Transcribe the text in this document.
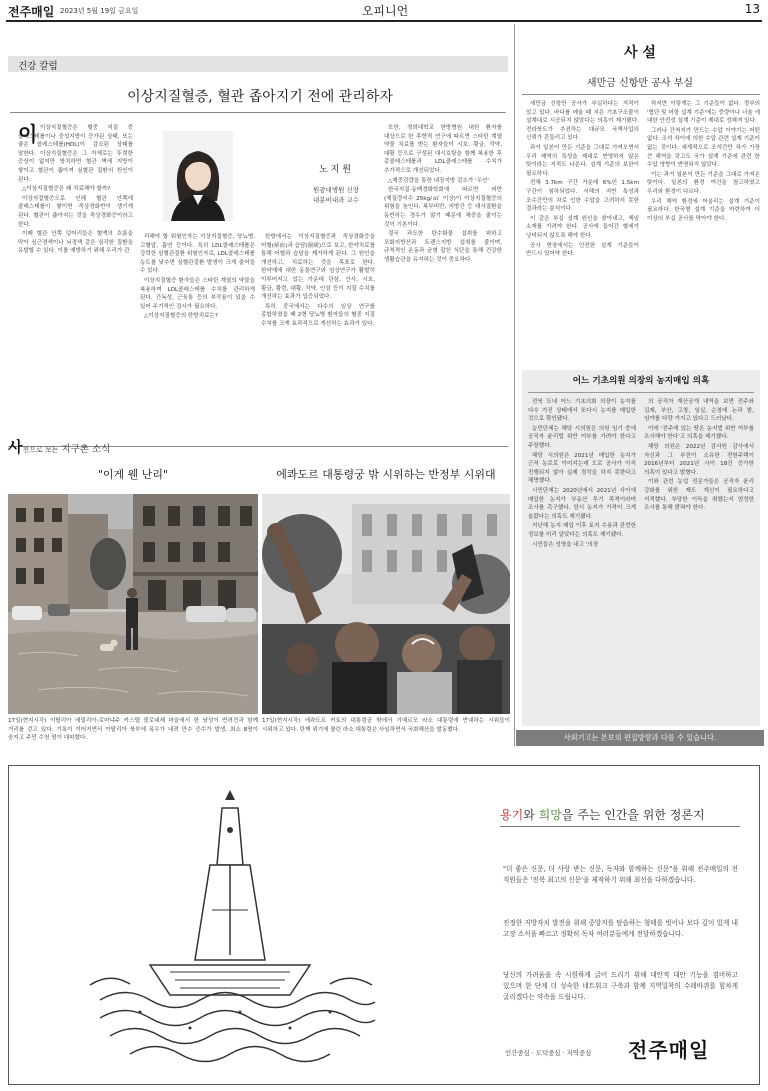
전주매일 2023년 5월 19일 금요일	오피니언	13
건강 칼럼
이상지질혈증, 혈관 좁아지기 전에 관리하자
노 지 원
원광대병원 신장
내분비내과 교수
이 이상지질혈증은 혈중 지질 중 콜레스테롤이나 중성지방이 증가된 상태, 또는 좋은 콜레스테롤(HDL)이 감소된 상태를 말한다. 이상지질혈증은 그 자체로는 뚜렷한 증상이 없지만 방치하면 혈관 벽에 지방이 쌓이고 혈관이 좁아져 심혈관 질환의 원인이 된다.

△이상지질혈증은 왜 치료해야 할까?

이상지질혈증으로 인해 혈관 안쪽에 콜레스테롤이 쌓이면 죽상경화반이 생기게 된다. 혈관이 좁아지는 것을 죽상경화증이라고 한다.

이때 혈관 안쪽 덩어리들은 혈액의 흐름을 막아 심근경색이나 뇌경색 같은 심각한 질환을 유발할 수 있다. 이를 예방하기 위해 우리가 관

리해야 할 위험인자는 이상지질혈증, 당뇨병, 고혈압, 흡연 등이다. 특히 LDL콜레스테롤은 강력한 심혈관질환 위험인자로, LDL콜레스테롤 농도를 낮추면 심혈관질환 발생이 크게 줄어들 수 있다.

이상지질혈증 환자들은 스타틴 계열의 약물을 복용하며 LDL콜레스테롤 수치를 관리하게 된다. 간독성, 근육통 등의 부작용이 있을 수 있어 주기적인 검사가 필요하다.

△이상지질혈증의 한방치료는?

한방에서는 이상지질혈증과 죽상경화증을 어혈(瘀血)과 습담(濕痰)으로 보고, 한약치료를 통해 어혈과 습담을 제거하게 된다. 그 원인을 개선하고, 치료하는 것을 목표로 한다. 한약재에 대한 동물연구와 임상연구가 활발히 이루어지고 있는 가운데 단삼, 산사, 시호, 황금, 황련, 대황, 작약, 인삼 등이 지질 수치를 개선하는 효과가 입증되었다.

특히 중국에서는 다수의 임상 연구를 종합하였을 때 2형 당뇨병 환자들의 혈중 지질 수치를 크게 효과적으로 개선하는 효과가 있다.

또한, 경희대학교 한방병원 내원 환자를 대상으로 한 후향적 연구에 따르면 스타틴 계열 약물 치료를 받는 환자들이 시호, 황금, 작약, 대황 등으로 구성된 대시호탕을 함께 복용한 후 총콜레스테롤과 LDL콜레스테롤 수치가 추가적으로 개선되었다.

△체중감량을 통한 내장지방 감소가 '우선'

한국지질·동맥경화학회에 따르면 비만(체질량지수 25kg/㎡ 이상)이 이상지질혈증의 위험을 높인다. 복부비만, 지방간 등 대사질환을 동반하는 경우가 많기 때문에 체중을 줄이는 것이 기본이다.

결국 과도한 탄수화물 섭취를 피하고 포화지방산과 트랜스지방 섭취를 줄이며, 규칙적인 운동과 균형 잡힌 식단을 통해 건강한 생활습관을 유지하는 것이 중요하다.

사 설
새만금 신항만 공사 부실

새만금 신항만 공사가 부실하다는 지적이 있고 있다. 바다를 메울 때 지은 기초구조물이 설계대로 시공되지 않았다는 의혹이 제기됐다. 전라북도가 추진하는 대규모 국책사업의 신뢰가 흔들리고 있다.

과거 일본이 만든 기준을 그대로 가져오면서 우리 해역의 특성을 제대로 반영하지 않은 탓이라는 지적도 나온다. 설계 기준의 보완이 필요하다.

전체 3.7km 구간 가운데 6%인 1.5km 구간이 침하되었다. 서해의 지반 특성과 조수간만의 차로 인한 수압을 고려하지 못한 결과라는 분석이다.

이 같은 부실 설계 원인을 찾아내고, 책임 소재를 가려야 한다. 공사에 들어간 혈세가 낭비되지 않도록 해야 한다.

공사 현장에서는 안전한 설계 기준들이 반드시 있어야 한다.

하지만 이렇게는 그 기준들이 없다. 정부의 '협단 및 어항 설계 기준'에는 중량이나 너울 에 대한 안전성 설계 기준이 제대로 정해져 있다.

그러나 간척지가 만드는 수압 이야기는 어떤 없다. 조석 차이에 의한 수압 관련 설계 기준이 없는 것이다. 세계적으로 조석간만 차가 가장 큰 해역을 갖고도 국가 설계 기준에 관련 한 수압 영향이 반영되지 않았다.

이는 과거 일본이 만든 기준을 그대로 가져온 탓이다. 일본의 환경 여건을 참고하였고 우리와 환경이 다르다.

우리 해역 환경에 어울리는 설계 기준이 필요하다. 한국형 설계 기준을 마련하여 더 이상의 부실 공사를 막아야 한다.

어느 기초의원 의장의 농지매입 의혹

전북 도내 어느 기초의회 의장이 농지를 다수 가진 상태에서 또다시 농지를 매입한 것으로 확인됐다.

농민단체는 해당 시의원은 의원 임기 중에 공직자 윤리법 위반 여부를 가려야 한다고 주장했다.

해당 시의원은 2021년 매입한 농지가 근처 농로로 이어지는데 도로 공사가 아직 진행되지 않아 실제 경작을 하지 못한다고 해명했다.

시민단체는 2020년에서 2021년 사이에 매입한 농지가 부동산 투기 목적이라며 조사를 촉구했다. 당시 농지가 가격이 크게 올랐다는 의혹도 제기됐다.

지난해 농지 매입 이후 토지 수용과 관련한 정보를 미리 알았다는 의혹도 제기됐다.

시민들은 성명을 내고 '의장

의 공직자 재산공개 내역을 보면 전주와 김제, 부안, 고창, 임실, 순창에 논과 밭, 임야를 다량 가지고 있다고 드러났다.

이에 '전주에 있는 땅은 농지법 위반 여부를 조사해야 한다'고 의혹을 제기했다.

해당 의원은 2022년 감사원 감사에서 자신과 그 부친이 소유한 전원주택이 2016년부터 2021년 사이 18건 증가한 의혹이 있다고 밝혔다.

이와 관련 농업 전문가들은 공직자 윤리 강화를 위한 제도 개선이 필요하다고 지적했다. 부당한 이득을 취했는지 엄정한 조사를 통해 밝혀야 한다.

사외기고는 본보의 편집방향과 다를 수 있습니다.
사진으로 보는 지구촌 소식
"이게 웬 난리"	에콰도르 대통령궁 밖 시위하는 반정부 시위대
17일(현지시각) 이탈리아 에밀리아-로마냐주 카스텔 볼로네제 마을에서 한 남성이 반려견과 함께 거리를 걷고 있다. 기록이 이어지면서 이탈리아 북부에 폭우가 내려 만수 증수가 발생, 최소 8명이 숨지고 주민 수천 명이 대피했다.
17일(현지시각) 에콰도르 키토의 대통령궁 밖에서 기예르모 라소 대통령에 반대하는 시위들이 시위하고 있다. 탄핵 위기에 몰린 라소 대통령은 사임하면서 국회해산을 발동했다.
용기와 희망을 주는 인간을 위한 정론지
"더 좋은 신문, 더 사랑 받는 신문, 독자와 함께하는 신문"을 위해 전주매일의 전 직원들은 '전북 최고의 신문'을 제작하기 위해 최선을 다하겠습니다.
진정한 지방자치 발전을 위해 중앙지를 탐습하는 형태를 벗어나 보다 깊이 있게 내 고장 소식을 빠르고 정확히 독자 여러분들에게 전달하겠습니다.
당신의 가려움을 속 시원하게 긁어 드리기 위해 대안적 대안 기능을 겸비하고 있으며 한 단계 더 성숙한 네트워크 구축과 함께 지역밀착의 수레바퀴를 힘차게 굴리겠다는 약속을 드립니다.
인간중심 · 도덕중심 · 지역중심 전주매일
